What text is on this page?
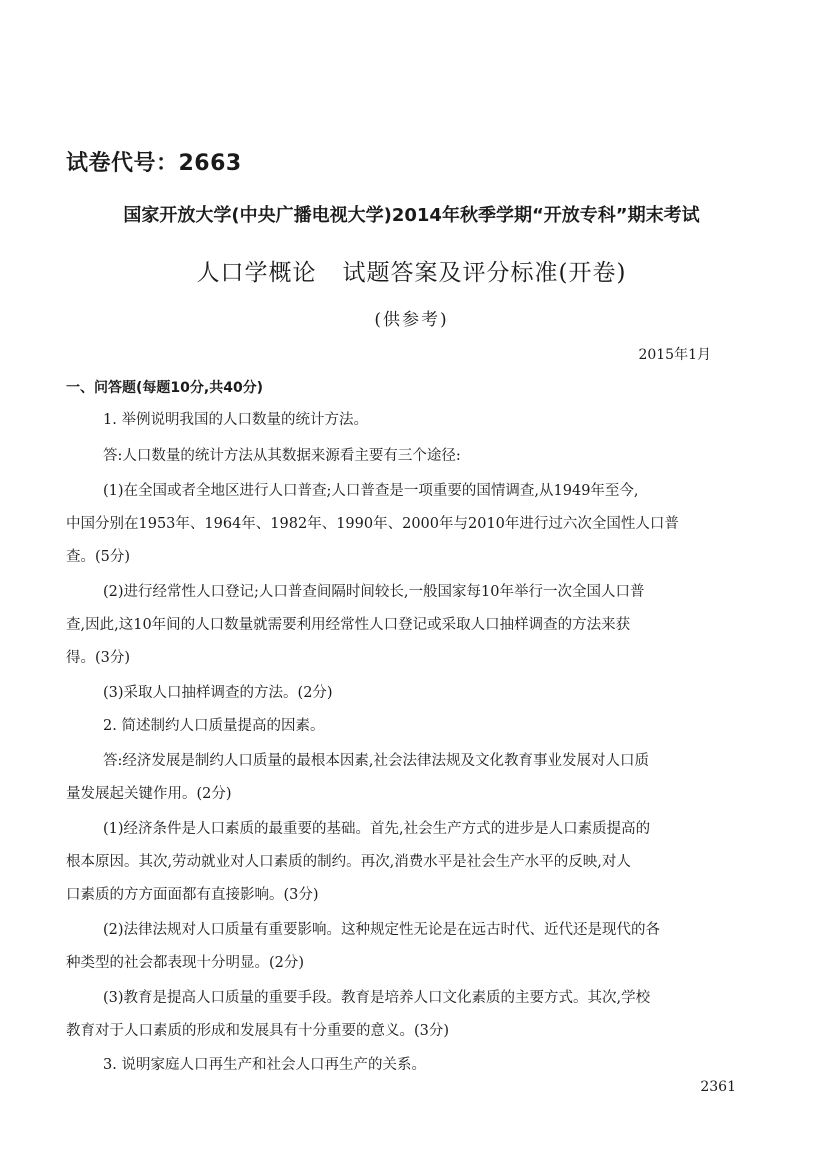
试卷代号：2663
国家开放大学(中央广播电视大学)2014年秋季学期“开放专科”期末考试
人口学概论 试题答案及评分标准(开卷)
(供参考)
2015年1月
一、问答题(每题10分,共40分)
1. 举例说明我国的人口数量的统计方法。
答:人口数量的统计方法从其数据来源看主要有三个途径:
(1)在全国或者全地区进行人口普查;人口普查是一项重要的国情调查,从1949年至今,
中国分别在1953年、1964年、1982年、1990年、2000年与2010年进行过六次全国性人口普
查。(5分)
(2)进行经常性人口登记;人口普查间隔时间较长,一般国家每10年举行一次全国人口普
查,因此,这10年间的人口数量就需要利用经常性人口登记或采取人口抽样调查的方法来获
得。(3分)
(3)采取人口抽样调查的方法。(2分)
2. 简述制约人口质量提高的因素。
答:经济发展是制约人口质量的最根本因素,社会法律法规及文化教育事业发展对人口质
量发展起关键作用。(2分)
(1)经济条件是人口素质的最重要的基础。首先,社会生产方式的进步是人口素质提高的
根本原因。其次,劳动就业对人口素质的制约。再次,消费水平是社会生产水平的反映,对人
口素质的方方面面都有直接影响。(3分)
(2)法律法规对人口质量有重要影响。这种规定性无论是在远古时代、近代还是现代的各
种类型的社会都表现十分明显。(2分)
(3)教育是提高人口质量的重要手段。教育是培养人口文化素质的主要方式。其次,学校
教育对于人口素质的形成和发展具有十分重要的意义。(3分)
3. 说明家庭人口再生产和社会人口再生产的关系。
2361
